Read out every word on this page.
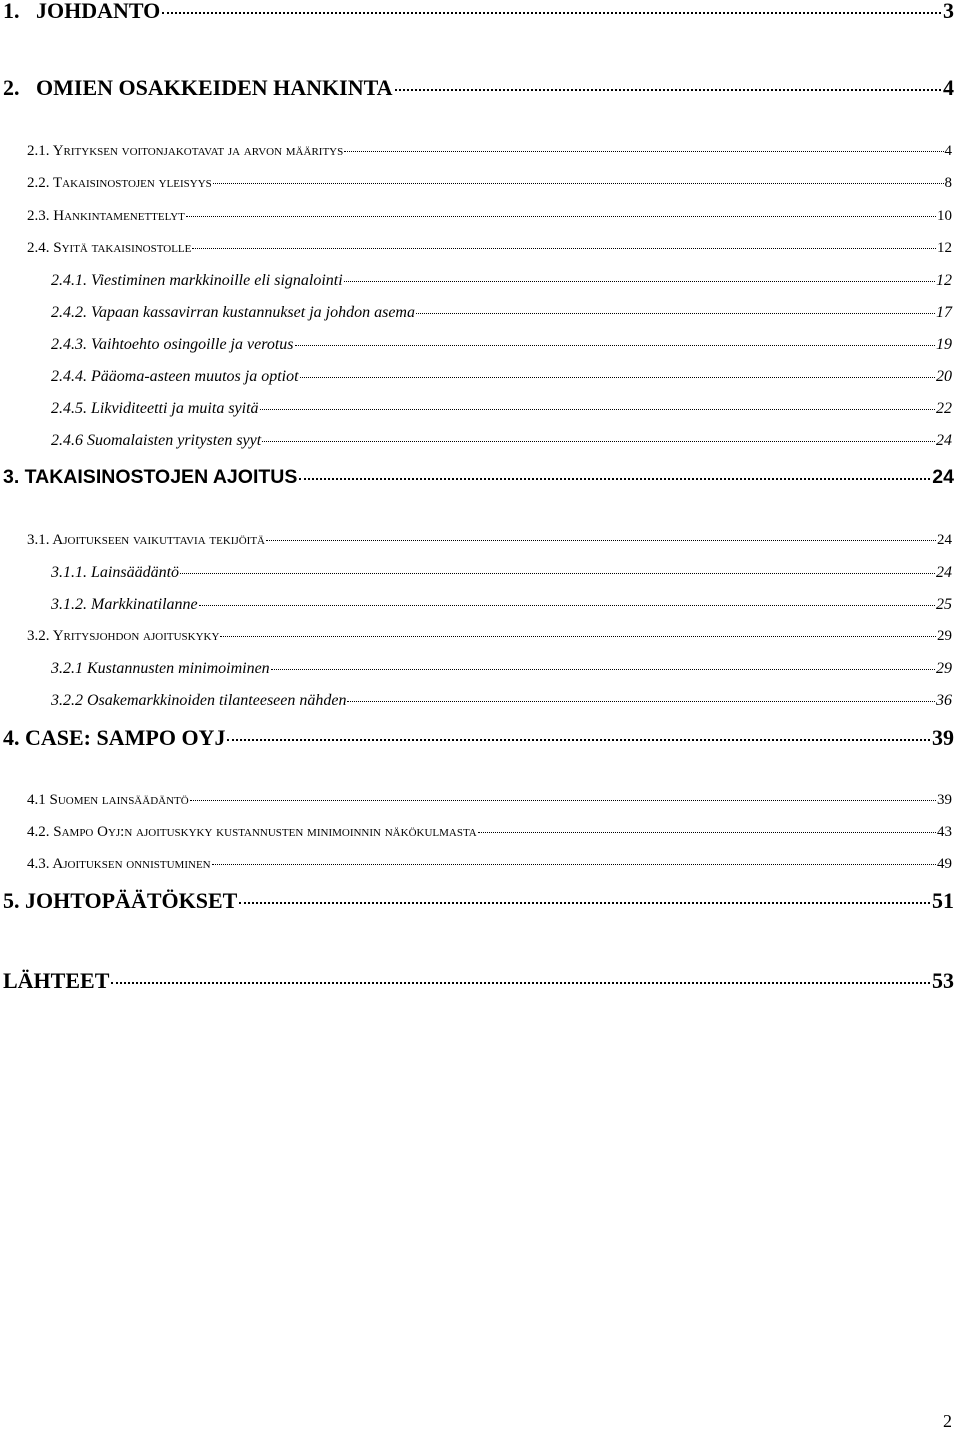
1.   JOHDANTO	3
2.   OMIEN OSAKKEIDEN HANKINTA	4
2.1. Yrityksen voitonjakotavat ja arvon määritys	4
2.2. Takaisinostojen yleisyys	8
2.3. Hankintamenettelyt	10
2.4. Syitä takaisinostolle	12
2.4.1. Viestiminen markkinoille eli signalointi	12
2.4.2. Vapaan kassavirran kustannukset ja johdon asema	17
2.4.3. Vaihtoehto osingoille ja verotus	19
2.4.4. Pääoma-asteen muutos ja optiot	20
2.4.5. Likviditeetti ja muita syitä	22
2.4.6 Suomalaisten yritysten syyt	24
3. TAKAISINOSTOJEN AJOITUS	24
3.1. Ajoitukseen vaikuttavia tekijöitä	24
3.1.1. Lainsäädäntö	24
3.1.2. Markkinatilanne	25
3.2. Yritysjohdon ajoituskyky	29
3.2.1 Kustannusten minimoiminen	29
3.2.2 Osakemarkkinoiden tilanteeseen nähden	36
4. CASE: SAMPO OYJ	39
4.1 Suomen lainsäädäntö	39
4.2. Sampo Oyj:n ajoituskyky kustannusten minimoinnin näkökulmasta	43
4.3. Ajoituksen onnistuminen	49
5. JOHTOPÄÄTÖKSET	51
LÄHTEET	53
2
